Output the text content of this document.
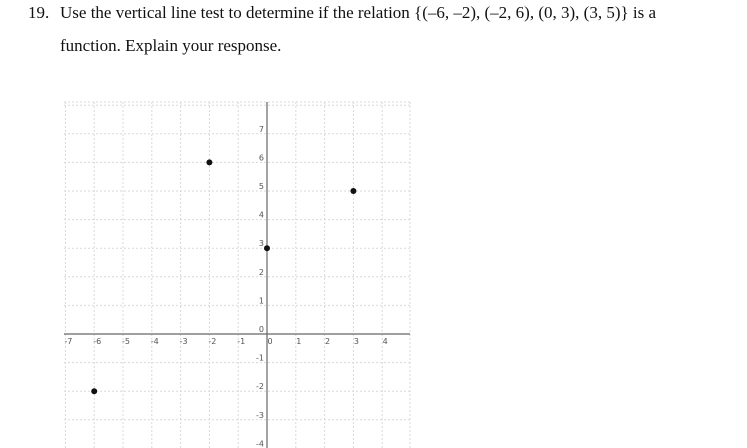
19. Use the vertical line test to determine if the relation {(–6, –2), (–2, 6), (0, 3), (3, 5)} is a
function. Explain your response.
-7	-6	-5	-4	-3	-2	-1	0	1	2	3	4
-4
-3
-2
-1
0
1
2
3
4
5
6
7
